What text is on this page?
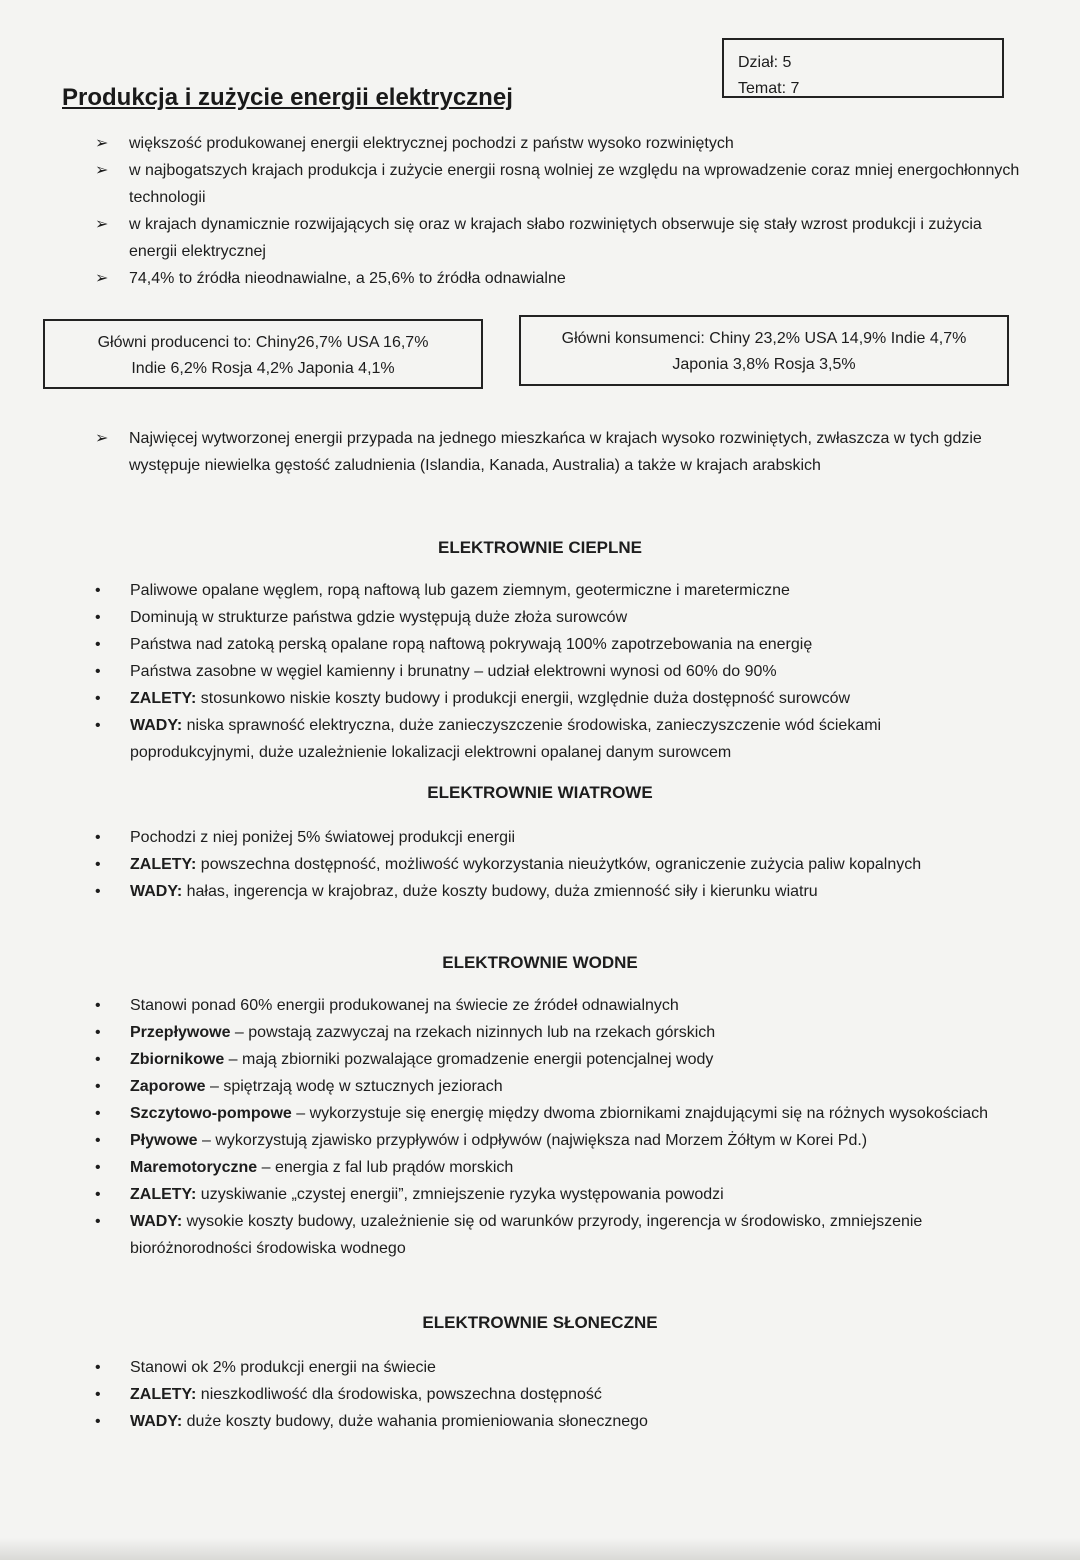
Dział: 5
Temat: 7
Produkcja i zużycie energii elektrycznej
➢ większość produkowanej energii elektrycznej pochodzi z państw wysoko rozwiniętych
➢ w najbogatszych krajach produkcja i zużycie energii rosną wolniej ze względu na wprowadzenie coraz mniej energochłonnych technologii
➢ w krajach dynamicznie rozwijających się oraz w krajach słabo rozwiniętych obserwuje się stały wzrost produkcji i zużycia energii elektrycznej
➢ 74,4% to źródła nieodnawialne, a 25,6% to źródła odnawialne
Główni producenci to: Chiny26,7% USA 16,7%
Indie 6,2% Rosja 4,2% Japonia 4,1%
Główni konsumenci: Chiny 23,2% USA 14,9% Indie 4,7%
Japonia 3,8% Rosja 3,5%
➢ Najwięcej wytworzonej energii przypada na jednego mieszkańca w krajach wysoko rozwiniętych, zwłaszcza w tych gdzie występuje niewielka gęstość zaludnienia (Islandia, Kanada, Australia) a także w krajach arabskich
ELEKTROWNIE CIEPLNE
• Paliwowe opalane węglem, ropą naftową lub gazem ziemnym, geotermiczne i maretermiczne
• Dominują w strukturze państwa gdzie występują duże złoża surowców
• Państwa nad zatoką perską opalane ropą naftową pokrywają 100% zapotrzebowania na energię
• Państwa zasobne w węgiel kamienny i brunatny – udział elektrowni wynosi od 60% do 90%
• ZALETY: stosunkowo niskie koszty budowy i produkcji energii, względnie duża dostępność surowców
• WADY: niska sprawność elektryczna, duże zanieczyszczenie środowiska, zanieczyszczenie wód ściekami poprodukcyjnymi, duże uzależnienie lokalizacji elektrowni opalanej danym surowcem
ELEKTROWNIE WIATROWE
• Pochodzi z niej poniżej 5% światowej produkcji energii
• ZALETY: powszechna dostępność, możliwość wykorzystania nieużytków, ograniczenie zużycia paliw kopalnych
• WADY: hałas, ingerencja w krajobraz, duże koszty budowy, duża zmienność siły i kierunku wiatru
ELEKTROWNIE WODNE
• Stanowi ponad 60% energii produkowanej na świecie ze źródeł odnawialnych
• Przepływowe – powstają zazwyczaj na rzekach nizinnych lub na rzekach górskich
• Zbiornikowe – mają zbiorniki pozwalające gromadzenie energii potencjalnej wody
• Zaporowe – spiętrzają wodę w sztucznych jeziorach
• Szczytowo-pompowe – wykorzystuje się energię między dwoma zbiornikami znajdującymi się na różnych wysokościach
• Pływowe – wykorzystują zjawisko przypływów i odpływów (największa nad Morzem Żółtym w Korei Pd.)
• Maremotoryczne – energia z fal lub prądów morskich
• ZALETY: uzyskiwanie „czystej energii”, zmniejszenie ryzyka występowania powodzi
• WADY: wysokie koszty budowy, uzależnienie się od warunków przyrody, ingerencja w środowisko, zmniejszenie bioróżnorodności środowiska wodnego
ELEKTROWNIE SŁONECZNE
• Stanowi ok 2% produkcji energii na świecie
• ZALETY: nieszkodliwość dla środowiska, powszechna dostępność
• WADY: duże koszty budowy, duże wahania promieniowania słonecznego
